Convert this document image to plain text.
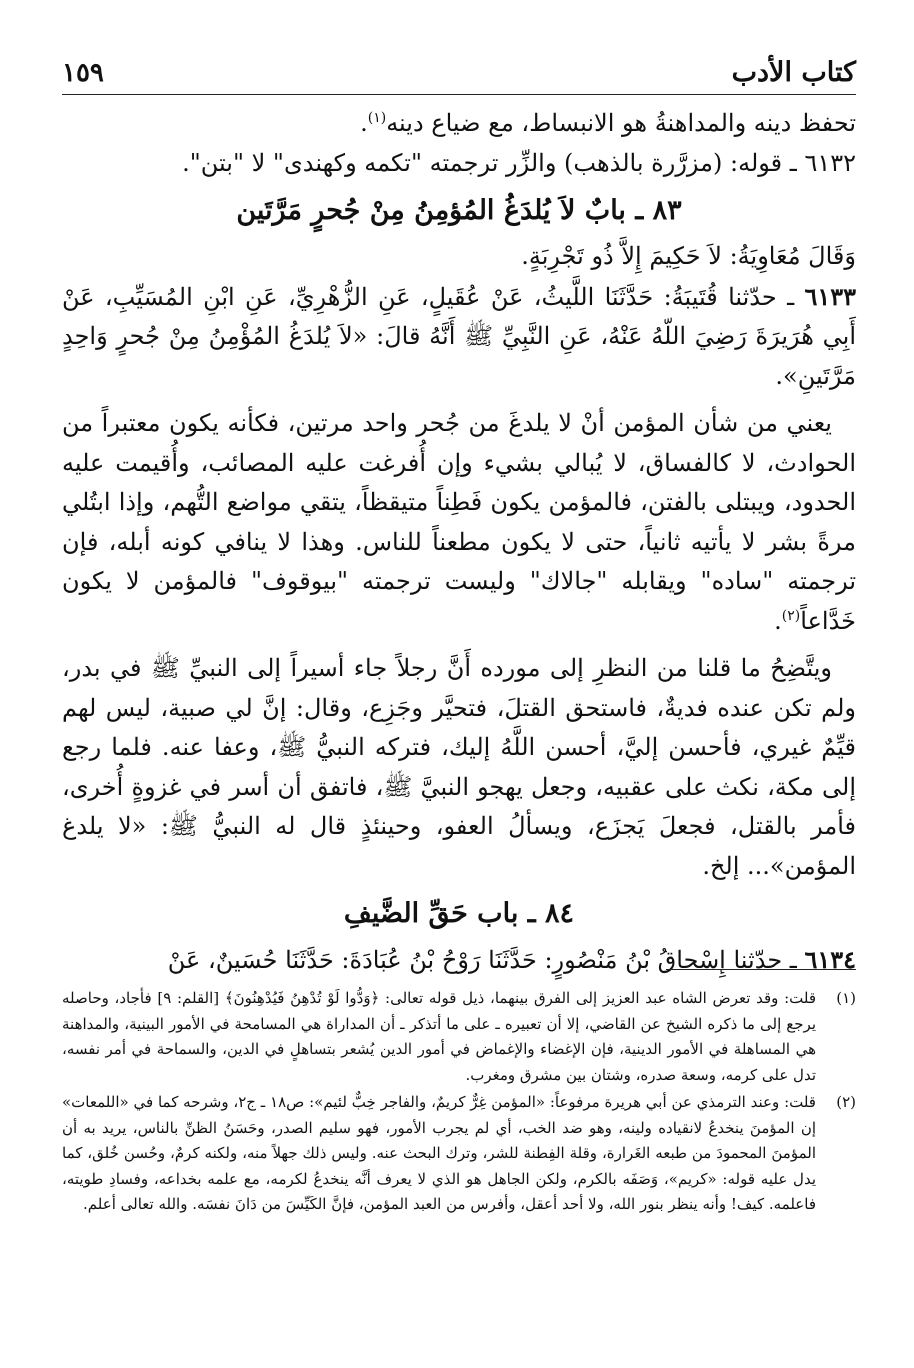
كتاب الأدب
١٥٩

تحفظ دينه والمداهنةُ هو الانبساط، مع ضياع دينه$^{(١)}$.

٦١٣٢ ـ قوله: (مزرَّرة بالذهب) والزِّر ترجمته "تكمه وكهندى" لا "بتن".

٨٣ ـ بابٌ لاَ يُلدَغُ المُؤمِنُ مِنْ جُحرٍ مَرَّتَين

وَقَالَ مُعَاوِيَةُ: لاَ حَكِيمَ إِلاَّ ذُو تَجْرِبَةٍ.

٦١٣٣ ـ حدّثنا قُتَيبَةُ: حَدَّثَنَا اللَّيثُ، عَنْ عُقَيلٍ، عَنِ الزُّهْرِيِّ، عَنِ ابْنِ المُسَيِّبِ، عَنْ أَبِي هُرَيرَةَ رَضِيَ اللّهُ عَنْهُ، عَنِ النَّبِيِّ ﷺ أَنَّهُ قالَ: «لاَ يُلدَغُ المُؤْمِنُ مِنْ جُحرٍ وَاحِدٍ مَرَّتَينِ».

يعني من شأن المؤمن أنْ لا يلدغَ من جُحر واحد مرتين، فكأنه يكون معتبراً من الحوادث، لا كالفساق، لا يُبالي بشيء وإن أُفرغت عليه المصائب، وأُقيمت عليه الحدود، ويبتلى بالفتن، فالمؤمن يكون فَطِناً متيقظاً، يتقي مواضع التُّهم، وإذا ابتُلي مرةً بشر لا يأتيه ثانياً، حتى لا يكون مطعناً للناس. وهذا لا ينافي كونه أبله، فإن ترجمته "ساده" ويقابله "جالاك" وليست ترجمته "بيوقوف" فالمؤمن لا يكون خَدَّاعاً$^{(٢)}$.

ويتَّضِحُ ما قلنا من النظرِ إلى مورده أَنَّ رجلاً جاء أسيراً إلى النبيِّ ﷺ في بدر، ولم تكن عنده فديةٌ، فاستحق القتلَ، فتحيَّر وجَزِع، وقال: إنَّ لي صبية، ليس لهم قيِّمٌ غيري، فأحسن إليَّ، أحسن اللَّهُ إليك، فتركه النبيُّ ﷺ، وعفا عنه. فلما رجع إلى مكة، نكث على عقبيه، وجعل يهجو النبيَّ ﷺ، فاتفق أن أسر في غزوةٍ أُخرى، فأمر بالقتل، فجعلَ يَجزَع، ويسألُ العفو، وحينئذٍ قال له النبيُّ ﷺ: «لا يلدغ المؤمن»... إلخ.

٨٤ ـ باب حَقِّ الضَّيفِ

٦١٣٤ ـ حدّثنا إِسْحاقُ بْنُ مَنْصُورٍ: حَدَّثَنَا رَوْحُ بْنُ عُبَادَةَ: حَدَّثَنَا حُسَينٌ، عَنْ

(١)
قلت: وقد تعرض الشاه عبد العزيز إلى الفرق بينهما، ذيل قوله تعالى: ﴿وَدُّوا لَوْ تُدْهِنُ فَيُدْهِنُونَ﴾ [القلم: ٩] فأجاد، وحاصله يرجع إلى ما ذكره الشيخ عن القاضي، إلا أن تعبيره ـ على ما أتذكر ـ أن المداراة هي المسامحة في الأمور البينية، والمداهنة هي المساهلة في الأمور الدينية، فإن الإغضاء والإغماض في أمور الدين يُشعر بتساهلٍ في الدين، والسماحة في أمر نفسه، تدل على كرمه، وسعة صدره، وشتان بين مشرق ومغرب.
(٢)
قلت: وعند الترمذي عن أبي هريرة مرفوعاً: «المؤمن غِرٌّ كريمٌ، والفاجر خِبٌّ لئيم»: ص١٨ ـ ج٢، وشرحه كما في «اللمعات» إن المؤمنَ ينخدعُ لانقياده ولينه، وهو ضد الخب، أي لم يجرب الأمور، فهو سليم الصدر، وحَسَنُ الظنِّ بالناس، يريد به أن المؤمنَ المحمودَ من طبعه الغَرارة، وقلة الفِطنة للشر، وترك البحث عنه. وليس ذلك جهلاً منه، ولكنه كرمٌ، وحُسن خُلق، كما يدل عليه قوله: «كريم»، وَصَفَه بالكرم، ولكن الجاهل هو الذي لا يعرف أنَّه ينخدعُ لكرمه، مع علمه بخداعه، وفسادِ طويته، فاعلمه. كيف! وأنه ينظر بنور الله، ولا أحد أعقل، وأفرس من العبد المؤمن، فإنَّ الكَيِّسَ من دَانَ نفسَه. والله تعالى أعلم.
